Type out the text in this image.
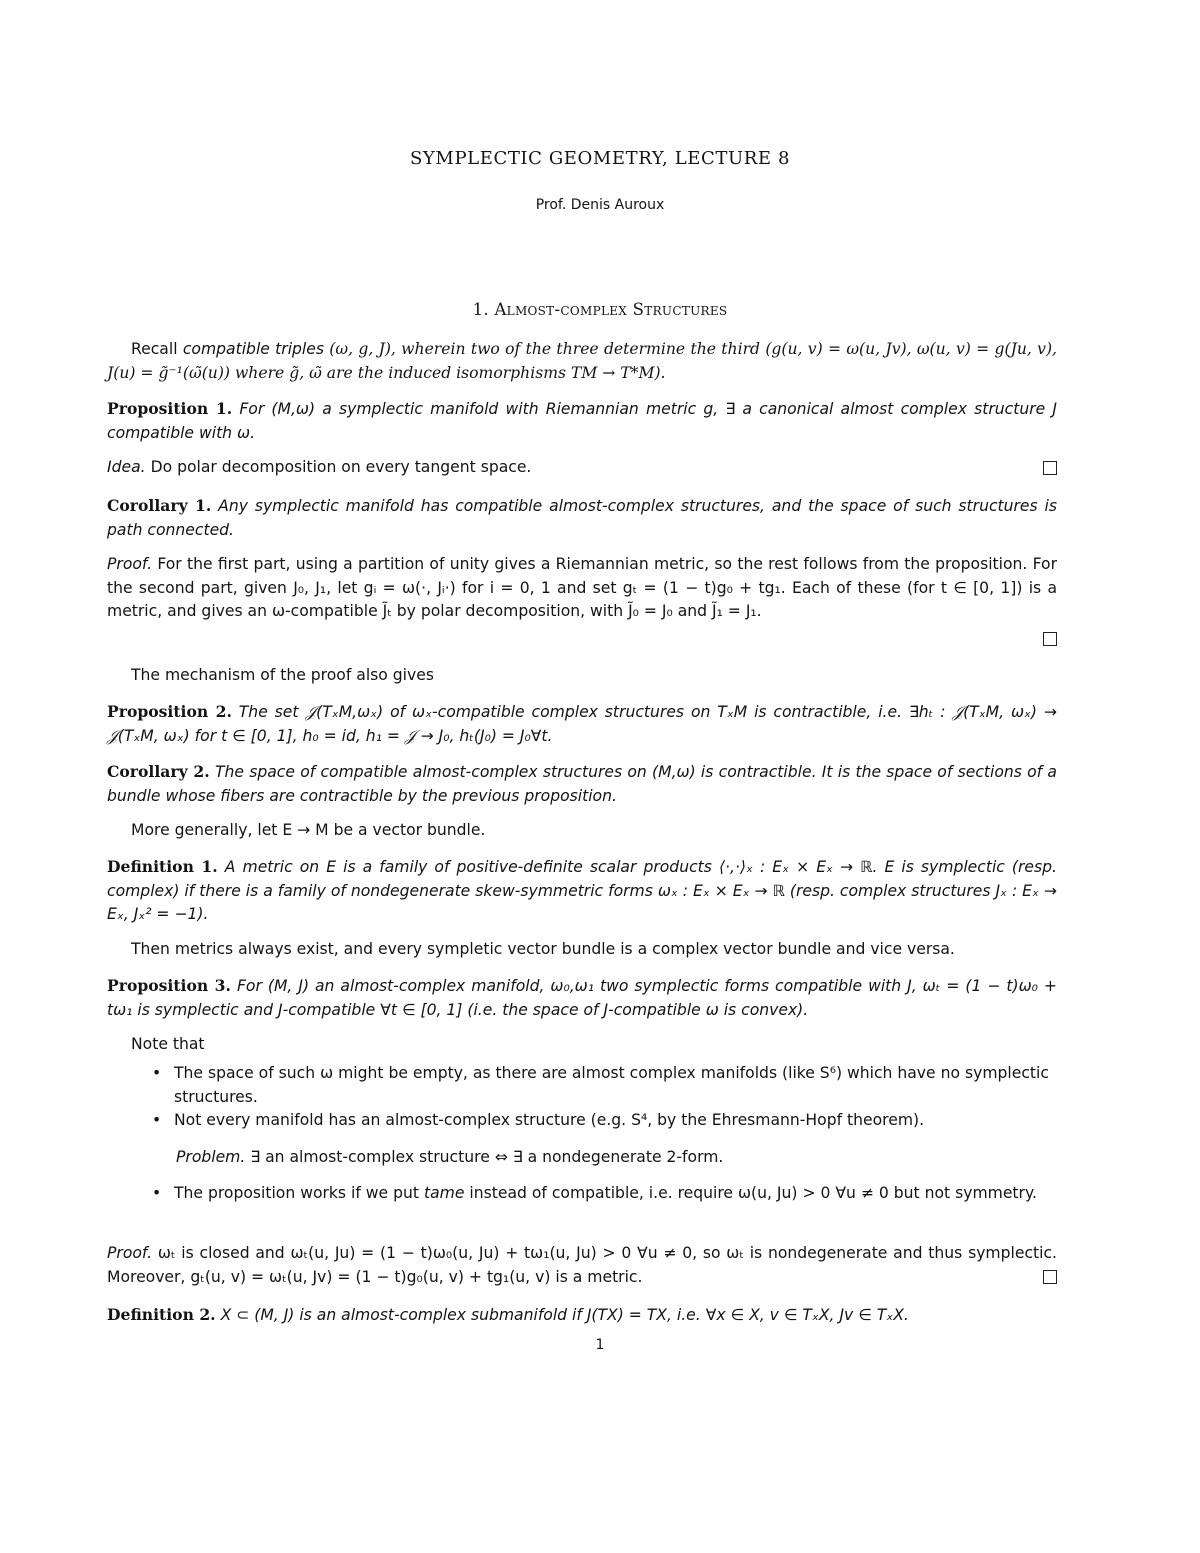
SYMPLECTIC GEOMETRY, LECTURE 8
Prof. Denis Auroux
1. Almost-complex Structures
Recall compatible triples (ω, g, J), wherein two of the three determine the third (g(u, v) = ω(u, Jv), ω(u, v) = g(Ju, v), J(u) = g̃⁻¹(ω̃(u)) where g̃, ω̃ are the induced isomorphisms TM → T*M).
Proposition 1. For (M,ω) a symplectic manifold with Riemannian metric g, ∃ a canonical almost complex structure J compatible with ω.
Idea. Do polar decomposition on every tangent space.
Corollary 1. Any symplectic manifold has compatible almost-complex structures, and the space of such structures is path connected.
Proof. For the first part, using a partition of unity gives a Riemannian metric, so the rest follows from the proposition. For the second part, given J₀, J₁, let gᵢ = ω(·, Jᵢ·) for i = 0, 1 and set gₜ = (1 − t)g₀ + tg₁. Each of these (for t ∈ [0, 1]) is a metric, and gives an ω-compatible J̃ₜ by polar decomposition, with J̃₀ = J₀ and J̃₁ = J₁.
The mechanism of the proof also gives
Proposition 2. The set 𝒥(TₓM,ωₓ) of ωₓ-compatible complex structures on TₓM is contractible, i.e. ∃hₜ : 𝒥(TₓM, ωₓ) → 𝒥(TₓM, ωₓ) for t ∈ [0, 1], h₀ = id, h₁ = 𝒥 → J₀, hₜ(J₀) = J₀∀t.
Corollary 2. The space of compatible almost-complex structures on (M,ω) is contractible. It is the space of sections of a bundle whose fibers are contractible by the previous proposition.
More generally, let E → M be a vector bundle.
Definition 1. A metric on E is a family of positive-definite scalar products ⟨·,·⟩ₓ : Eₓ × Eₓ → ℝ. E is symplectic (resp. complex) if there is a family of nondegenerate skew-symmetric forms ωₓ : Eₓ × Eₓ → ℝ (resp. complex structures Jₓ : Eₓ → Eₓ, Jₓ² = −1).
Then metrics always exist, and every sympletic vector bundle is a complex vector bundle and vice versa.
Proposition 3. For (M, J) an almost-complex manifold, ω₀,ω₁ two symplectic forms compatible with J, ωₜ = (1 − t)ω₀ + tω₁ is symplectic and J-compatible ∀t ∈ [0, 1] (i.e. the space of J-compatible ω is convex).
Note that
• The space of such ω might be empty, as there are almost complex manifolds (like S⁶) which have no symplectic structures.
• Not every manifold has an almost-complex structure (e.g. S⁴, by the Ehresmann-Hopf theorem).
Problem. ∃ an almost-complex structure ⇔ ∃ a nondegenerate 2-form.
• The proposition works if we put tame instead of compatible, i.e. require ω(u, Ju) > 0 ∀u ≠ 0 but not symmetry.
Proof. ωₜ is closed and ωₜ(u, Ju) = (1 − t)ω₀(u, Ju) + tω₁(u, Ju) > 0 ∀u ≠ 0, so ωₜ is nondegenerate and thus symplectic. Moreover, gₜ(u, v) = ωₜ(u, Jv) = (1 − t)g₀(u, v) + tg₁(u, v) is a metric.
Definition 2. X ⊂ (M, J) is an almost-complex submanifold if J(TX) = TX, i.e. ∀x ∈ X, v ∈ TₓX, Jv ∈ TₓX.
1
